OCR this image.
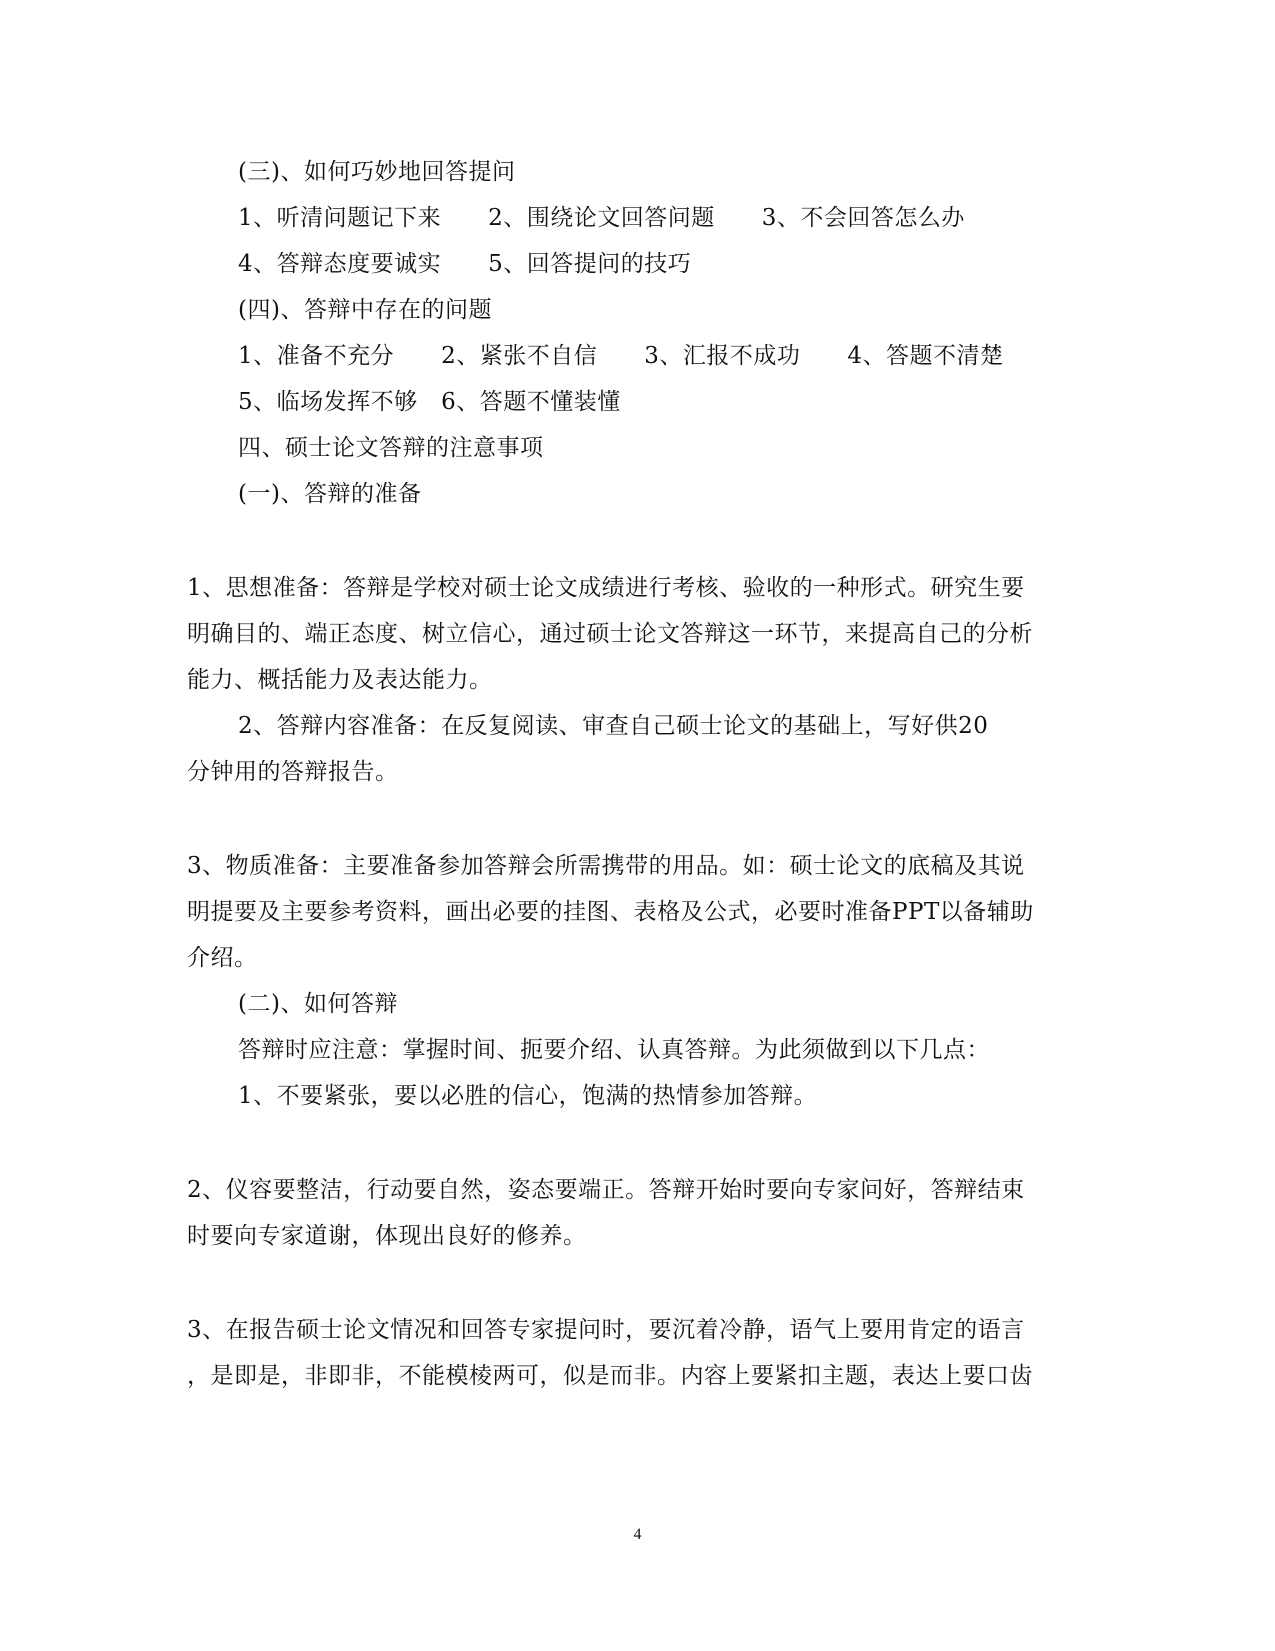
(三)、如何巧妙地回答提问
1、听清问题记下来　　2、围绕论文回答问题　　3、不会回答怎么办
4、答辩态度要诚实　　5、回答提问的技巧
(四)、答辩中存在的问题
1、准备不充分　　2、紧张不自信　　3、汇报不成功　　4、答题不清楚
5、临场发挥不够　6、答题不懂装懂
四、硕士论文答辩的注意事项
(一)、答辩的准备
1、思想准备：答辩是学校对硕士论文成绩进行考核、验收的一种形式。研究生要
明确目的、端正态度、树立信心，通过硕士论文答辩这一环节，来提高自己的分析
能力、概括能力及表达能力。
2、答辩内容准备：在反复阅读、审查自己硕士论文的基础上，写好供20
分钟用的答辩报告。
3、物质准备：主要准备参加答辩会所需携带的用品。如：硕士论文的底稿及其说
明提要及主要参考资料，画出必要的挂图、表格及公式，必要时准备PPT以备辅助
介绍。
(二)、如何答辩
答辩时应注意：掌握时间、扼要介绍、认真答辩。为此须做到以下几点：
1、不要紧张，要以必胜的信心，饱满的热情参加答辩。
2、仪容要整洁，行动要自然，姿态要端正。答辩开始时要向专家问好，答辩结束
时要向专家道谢，体现出良好的修养。
3、在报告硕士论文情况和回答专家提问时，要沉着冷静，语气上要用肯定的语言
，是即是，非即非，不能模棱两可，似是而非。内容上要紧扣主题，表达上要口齿
4
